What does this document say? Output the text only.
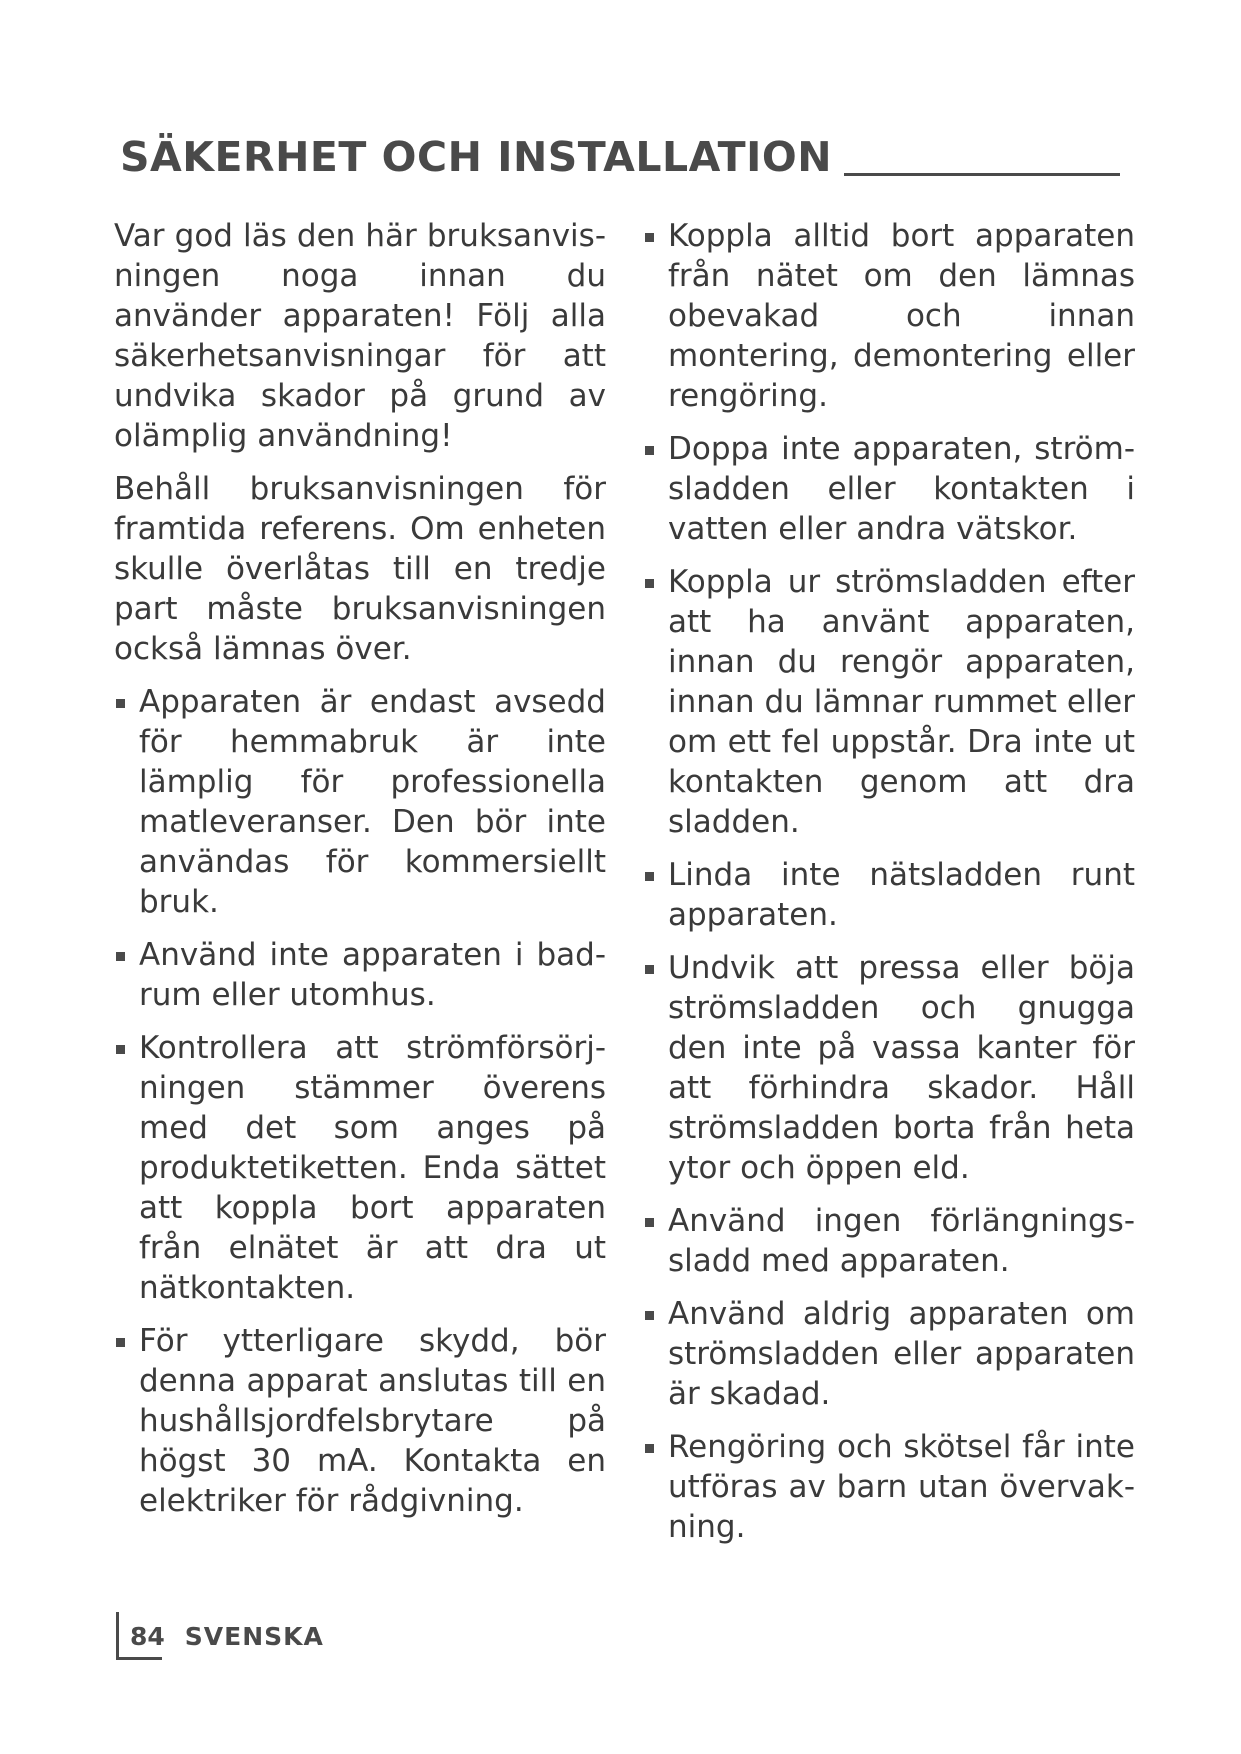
SÄKERHET OCH INSTALLATION

Var god läs den här bruksanvisningen noga innan du använder apparaten! Följ alla säkerhetsanvisningar för att undvika skador på grund av olämplig användning!

Behåll bruksanvisningen för framtida referens. Om enheten skulle överlåtas till en tredje part måste bruksanvisningen också lämnas över.

Apparaten är endast avsedd för hemmabruk är inte lämplig för professionella matleveranser. Den bör inte användas för kommersiellt bruk.
Använd inte apparaten i badrum eller utomhus.
Kontrollera att strömförsörjningen stämmer överens med det som anges på produktetiketten. Enda sättet att koppla bort apparaten från elnätet är att dra ut nätkontakten.
För ytterligare skydd, bör denna apparat anslutas till en hushållsjordfelsbrytare på högst 30 mA. Kontakta en elektriker för rådgivning.
Koppla alltid bort apparaten från nätet om den lämnas obevakad och innan montering, demontering eller rengöring.
Doppa inte apparaten, strömsladden eller kontakten i vatten eller andra vätskor.
Koppla ur strömsladden efter att ha använt apparaten, innan du rengör apparaten, innan du lämnar rummet eller om ett fel uppstår. Dra inte ut kontakten genom att dra sladden.
Linda inte nätsladden runt apparaten.
Undvik att pressa eller böja strömsladden och gnugga den inte på vassa kanter för att förhindra skador. Håll strömsladden borta från heta ytor och öppen eld.
Använd ingen förlängningssladd med apparaten.
Använd aldrig apparaten om strömsladden eller apparaten är skadad.
Rengöring och skötsel får inte utföras av barn utan övervakning.
84 SVENSKA
